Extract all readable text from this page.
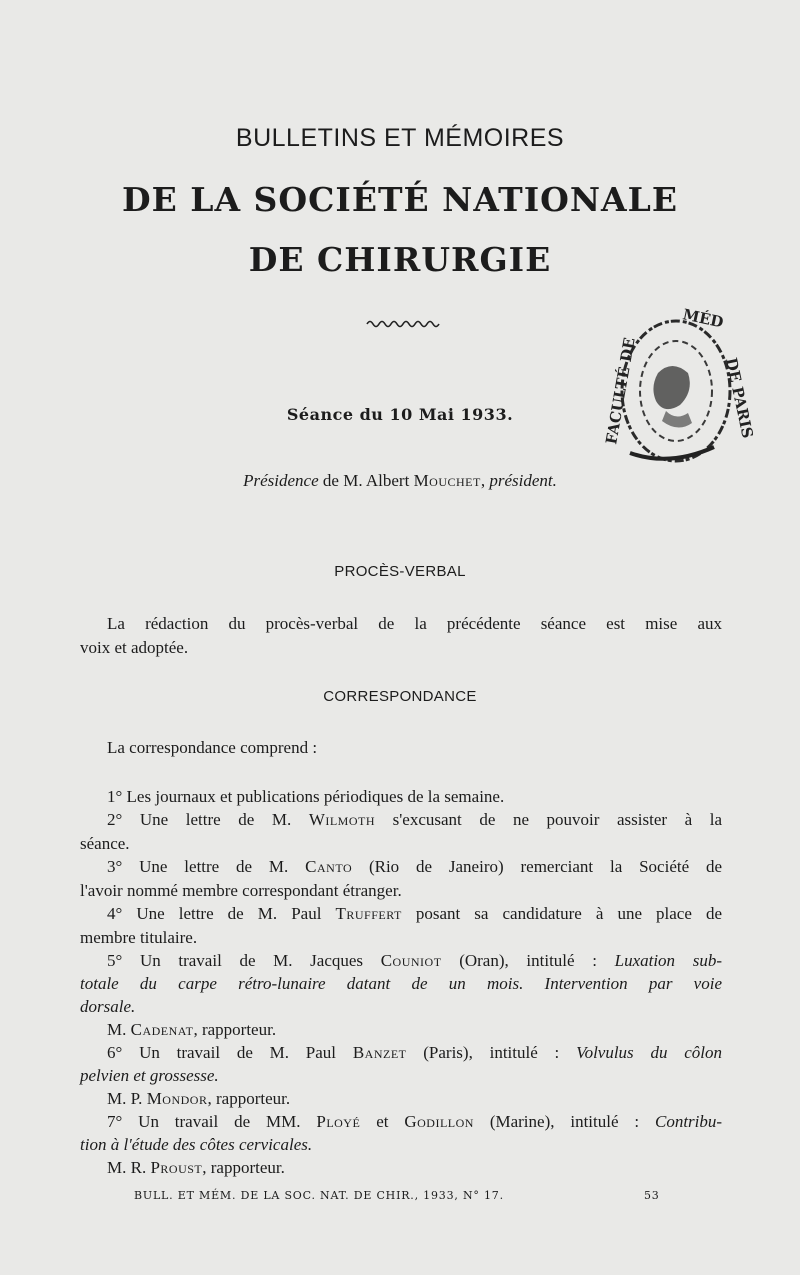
BULLETINS ET MÉMOIRES
DE LA SOCIÉTÉ NATIONALE
DE CHIRURGIE
FACULTÉ DE
MÉD
DE PARIS
Séance du 10 Mai 1933.
Présidence de M. Albert Mouchet, président.
PROCÈS-VERBAL
La rédaction du procès-verbal de la précédente séance est mise aux
voix et adoptée.
CORRESPONDANCE
La correspondance comprend :
1° Les journaux et publications périodiques de la semaine.
2° Une lettre de M. Wilmoth s'excusant de ne pouvoir assister à la
séance.
3° Une lettre de M. Canto (Rio de Janeiro) remerciant la Société de
l'avoir nommé membre correspondant étranger.
4° Une lettre de M. Paul Truffert posant sa candidature à une place de
membre titulaire.
5° Un travail de M. Jacques Couniot (Oran), intitulé : Luxation sub-
totale du carpe rétro-lunaire datant de un mois. Intervention par voie
dorsale.
M. Cadenat, rapporteur.
6° Un travail de M. Paul Banzet (Paris), intitulé : Volvulus du côlon
pelvien et grossesse.
M. P. Mondor, rapporteur.
7° Un travail de MM. Ployé et Godillon (Marine), intitulé : Contribu-
tion à l'étude des côtes cervicales.
M. R. Proust, rapporteur.
BULL. ET MÉM. DE LA SOC. NAT. DE CHIR., 1933, N° 17.	53
